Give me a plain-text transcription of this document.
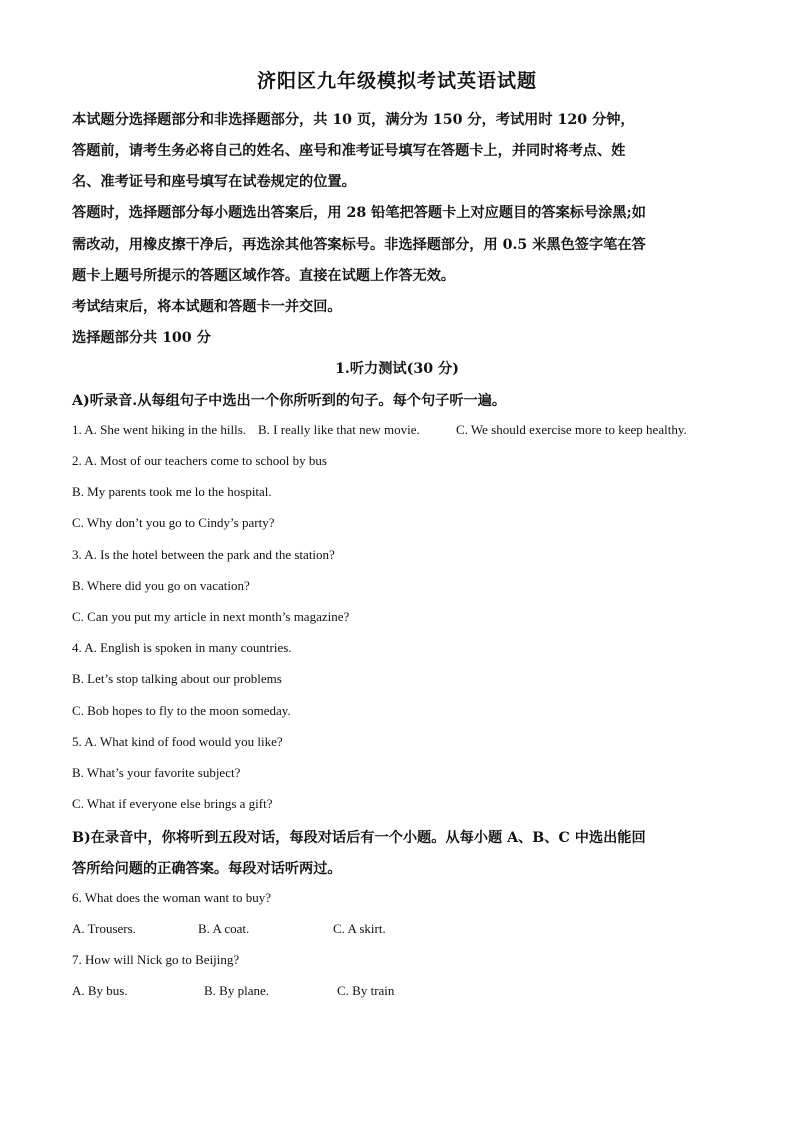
济阳区九年级模拟考试英语试题
本试题分选择题部分和非选择题部分，共 10 页，满分为 150 分，考试用时 120 分钟，
答题前，请考生务必将自己的姓名、座号和准考证号填写在答题卡上，并同时将考点、姓
名、准考证号和座号填写在试卷规定的位置。
答题时，选择题部分每小题选出答案后，用 28 铅笔把答题卡上对应题目的答案标号涂黑;如
需改动，用橡皮擦干净后，再选涂其他答案标号。非选择题部分，用 0.5 米黑色签字笔在答
题卡上题号所提示的答题区域作答。直接在试题上作答无效。
考试结束后，将本试题和答题卡一并交回。
选择题部分共 100 分
1.听力测试(30 分)
A)听录音.从每组句子中选出一个你所听到的句子。每个句子听一遍。
1. A. She went hiking in the hills. B. I really like that new movie.	C. We should exercise more to keep healthy.
2. A. Most of our teachers come to school by bus
B. My parents took me lo the hospital.
C. Why don’t you go to Cindy’s party?
3. A. Is the hotel between the park and the station?
B. Where did you go on vacation?
C. Can you put my article in next month’s magazine?
4. A. English is spoken in many countries.
B. Let’s stop talking about our problems
C. Bob hopes to fly to the moon someday.
5. A. What kind of food would you like?
B. What’s your favorite subject?
C. What if everyone else brings a gift?
B)在录音中，你将听到五段对话，每段对话后有一个小题。从每小题 A、B、C 中选出能回
答所给问题的正确答案。每段对话听两过。
6. What does the woman want to buy?
A. Trousers.	B. A coat.	C. A skirt.
7. How will Nick go to Beijing?
A. By bus.	B. By plane.	C. By train
